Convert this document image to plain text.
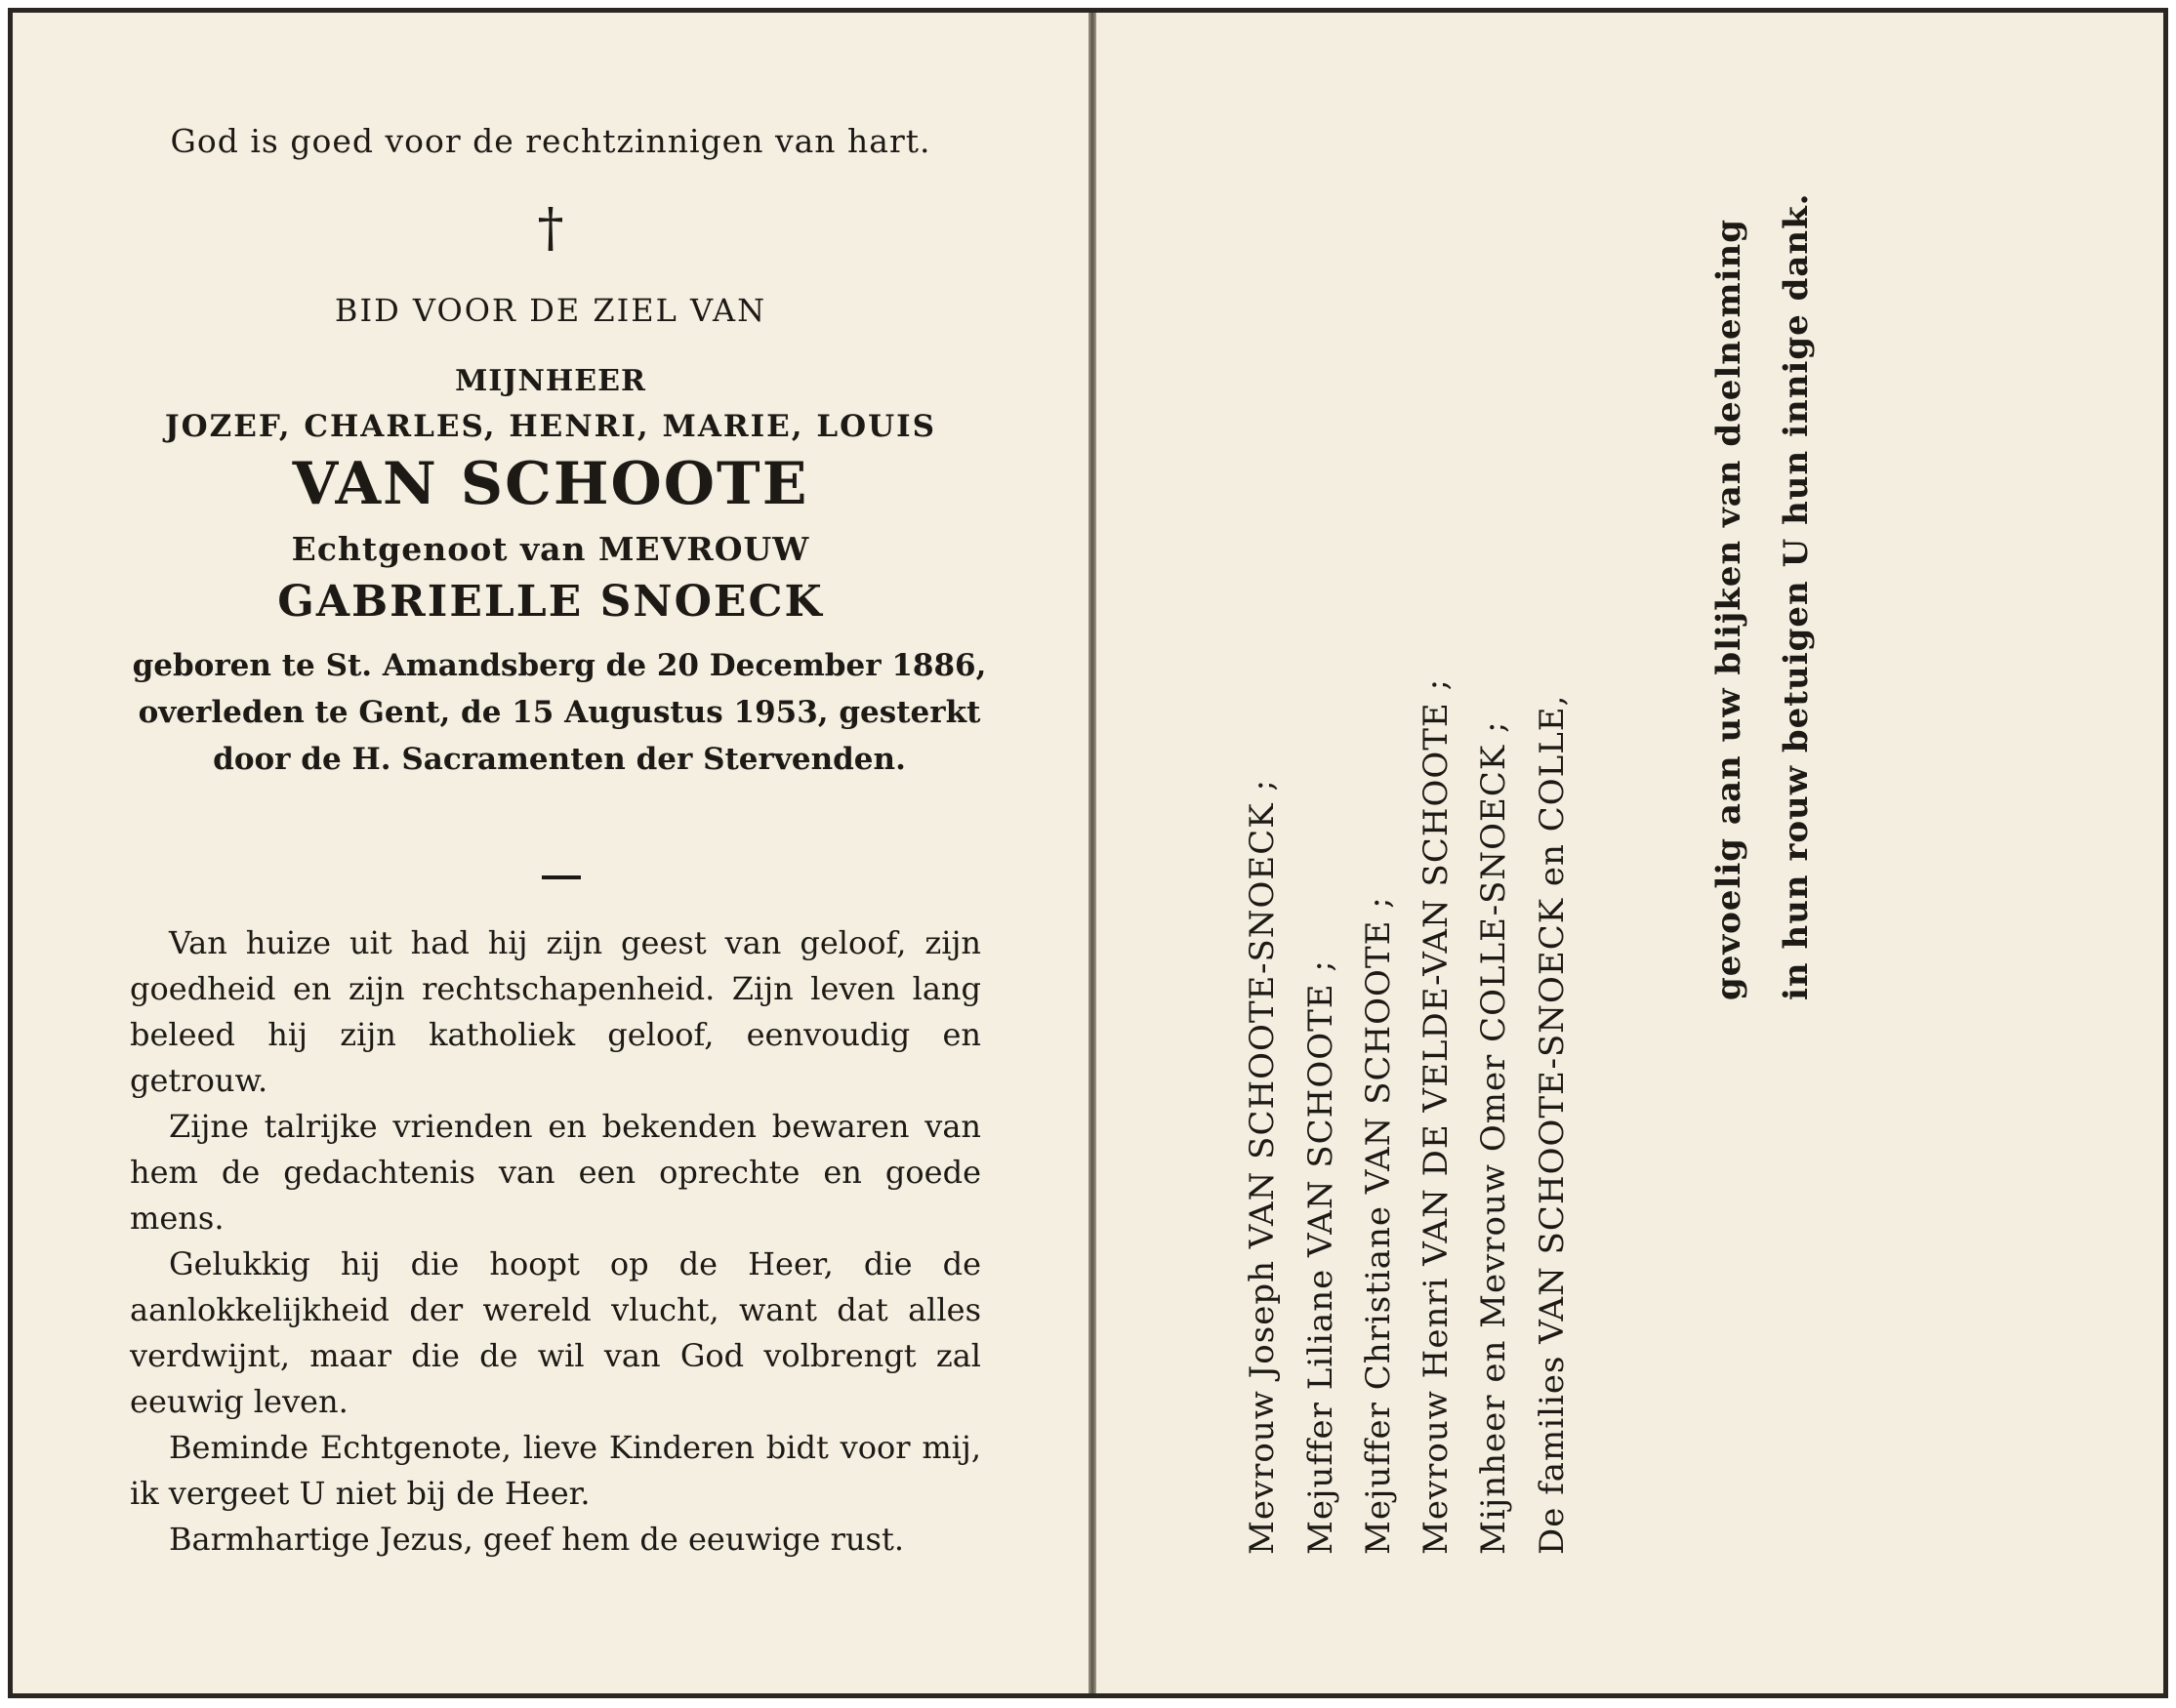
God is goed voor de rechtzinnigen van hart.
†
BID VOOR DE ZIEL VAN
MIJNHEER
JOZEF, CHARLES, HENRI, MARIE, LOUIS
VAN SCHOOTE
Echtgenoot van MEVROUW
GABRIELLE SNOECK
geboren te St. Amandsberg de 20 December 1886, overleden te Gent, de 15 Augustus 1953, gesterkt door de H. Sacramenten der Stervenden.

Van huize uit had hij zijn geest van geloof, zijn goedheid en zijn rechtschapenheid. Zijn leven lang beleed hij zijn katholiek geloof, eenvoudig en getrouw.

Zijne talrijke vrienden en bekenden bewaren van hem de gedachtenis van een oprechte en goede mens.

Gelukkig hij die hoopt op de Heer, die de aanlokkelijkheid der wereld vlucht, want dat alles verdwijnt, maar die de wil van God volbrengt zal eeuwig leven.

Beminde Echtgenote, lieve Kinderen bidt voor mij, ik vergeet U niet bij de Heer.

Barmhartige Jezus, geef hem de eeuwige rust.	Mevrouw Joseph VAN SCHOOTE-SNOECK ; Mejuffer Liliane VAN SCHOOTE ; Mejuffer Christiane VAN SCHOOTE ; Mevrouw Henri VAN DE VELDE-VAN SCHOOTE ; Mijnheer en Mevrouw Omer COLLE-SNOECK ; De families VAN SCHOOTE-SNOECK en COLLE,
gevoelig aan uw blijken van deelneming in hun rouw betuigen U hun innige dank.
